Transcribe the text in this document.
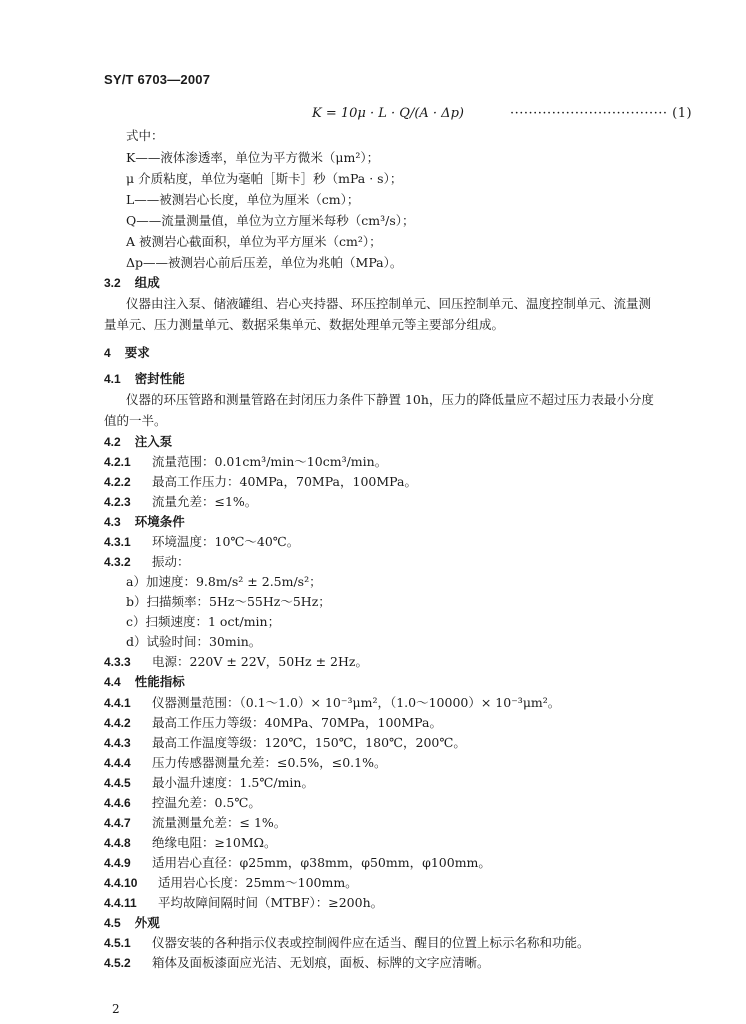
SY/T 6703—2007
K = 10μ · L · Q/(A · Δp)	·································· (1)
式中：
K——液体渗透率，单位为平方微米（μm²）；
μ 介质粘度，单位为毫帕［斯卡］秒（mPa · s）；
L——被测岩心长度，单位为厘米（cm）；
Q——流量测量值，单位为立方厘米每秒（cm³/s）；
A 被测岩心截面积，单位为平方厘米（cm²）；
Δp——被测岩心前后压差，单位为兆帕（MPa）。
3.2 组成
仪器由注入泵、储液罐组、岩心夹持器、环压控制单元、回压控制单元、温度控制单元、流量测
量单元、压力测量单元、数据采集单元、数据处理单元等主要部分组成。
4 要求
4.1 密封性能
仪器的环压管路和测量管路在封闭压力条件下静置 10h，压力的降低量应不超过压力表最小分度
值的一半。
4.2 注入泵
4.2.1 流量范围：0.01cm³/min～10cm³/min。
4.2.2 最高工作压力：40MPa，70MPa，100MPa。
4.2.3 流量允差：≤1%。
4.3 环境条件
4.3.1 环境温度：10℃～40℃。
4.3.2 振动：
a）加速度：9.8m/s² ± 2.5m/s²；
b）扫描频率：5Hz～55Hz～5Hz；
c）扫频速度：1 oct/min；
d）试验时间：30min。
4.3.3 电源：220V ± 22V，50Hz ± 2Hz。
4.4 性能指标
4.4.1 仪器测量范围：（0.1～1.0）× 10⁻³μm²，（1.0～10000）× 10⁻³μm²。
4.4.2 最高工作压力等级：40MPa、70MPa，100MPa。
4.4.3 最高工作温度等级：120℃，150℃，180℃，200℃。
4.4.4 压力传感器测量允差：≤0.5%，≤0.1%。
4.4.5 最小温升速度：1.5℃/min。
4.4.6 控温允差：0.5℃。
4.4.7 流量测量允差：≤ 1%。
4.4.8 绝缘电阻：≥10MΩ。
4.4.9 适用岩心直径：φ25mm，φ38mm，φ50mm，φ100mm。
4.4.10 适用岩心长度：25mm～100mm。
4.4.11 平均故障间隔时间（MTBF）：≥200h。
4.5 外观
2
4.5.1 仪器安装的各种指示仪表或控制阀件应在适当、醒目的位置上标示名称和功能。
4.5.2 箱体及面板漆面应光洁、无划痕，面板、标牌的文字应清晰。
